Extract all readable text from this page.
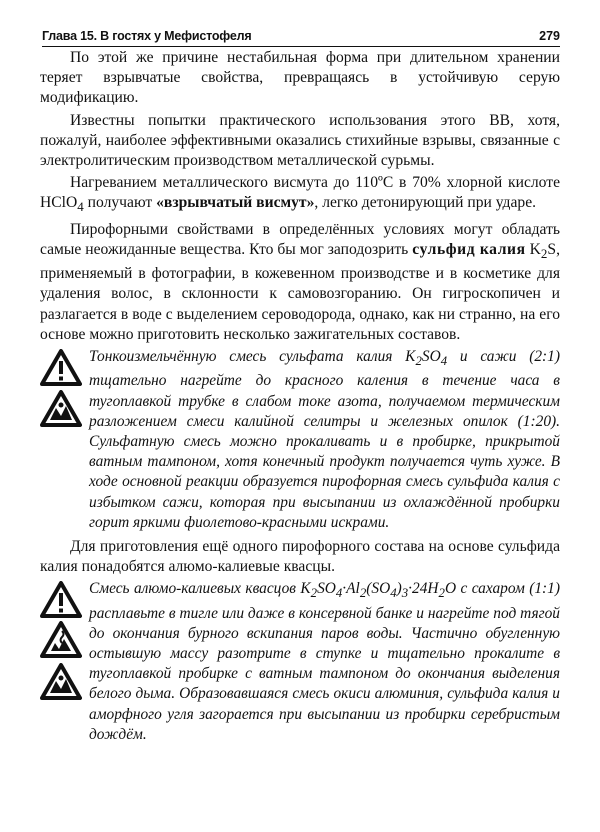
Глава 15. В гостях у Мефистофеля	279

По этой же причине нестабильная форма при длительном хранении теряет взрывчатые свойства, превращаясь в устойчивую серую модификацию.

Известны попытки практического использования этого ВВ, хотя, пожалуй, наиболее эффективными оказались стихийные взрывы, связанные с электролитическим производством металлической сурьмы.

Нагреванием металлического висмута до 110ºC в 70% хлорной кислоте HClO$_4$ получают «взрывчатый висмут», легко детонирующий при ударе.

Пирофорными свойствами в определённых условиях могут обладать самые неожиданные вещества. Кто бы мог заподозрить сульфид калия $K_2S$, применяемый в фотографии, в кожевенном производстве и в косметике для удаления волос, в склонности к самовозгоранию. Он гигроскопичен и разлагается в воде с выделением сероводорода, однако, как ни странно, на его основе можно приготовить несколько зажигательных составов.

Тонкоизмельчённую смесь сульфата калия $K_2SO_4$ и сажи (2:1) тщательно нагрейте до красного каления в течение часа в тугоплавкой трубке в слабом токе азота, получаемом термическим разложением смеси калийной селитры и железных опилок (1:20). Сульфатную смесь можно прокаливать и в пробирке, прикрытой ватным тампоном, хотя конечный продукт получается чуть хуже. В ходе основной реакции образуется пирофорная смесь сульфида калия с избытком сажи, которая при высыпании из охлаждённой пробирки горит яркими фиолетово-красными искрами.

Для приготовления ещё одного пирофорного состава на основе сульфида калия понадобятся алюмо-калиевые квасцы.

Смесь алюмо-калиевых квасцов $K_2SO_4\cdot Al_2(SO_4)_3\cdot 24H_2O$ с сахаром (1:1) расплавьте в тигле или даже в консервной банке и нагрейте под тягой до окончания бурного вскипания паров воды. Частично обугленную остывшую массу разотрите в ступке и тщательно прокалите в тугоплавкой пробирке с ватным тампоном до окончания выделения белого дыма. Образовавшаяся смесь окиси алюминия, сульфида калия и аморфного угля загорается при высыпании из пробирки серебристым дождём.
